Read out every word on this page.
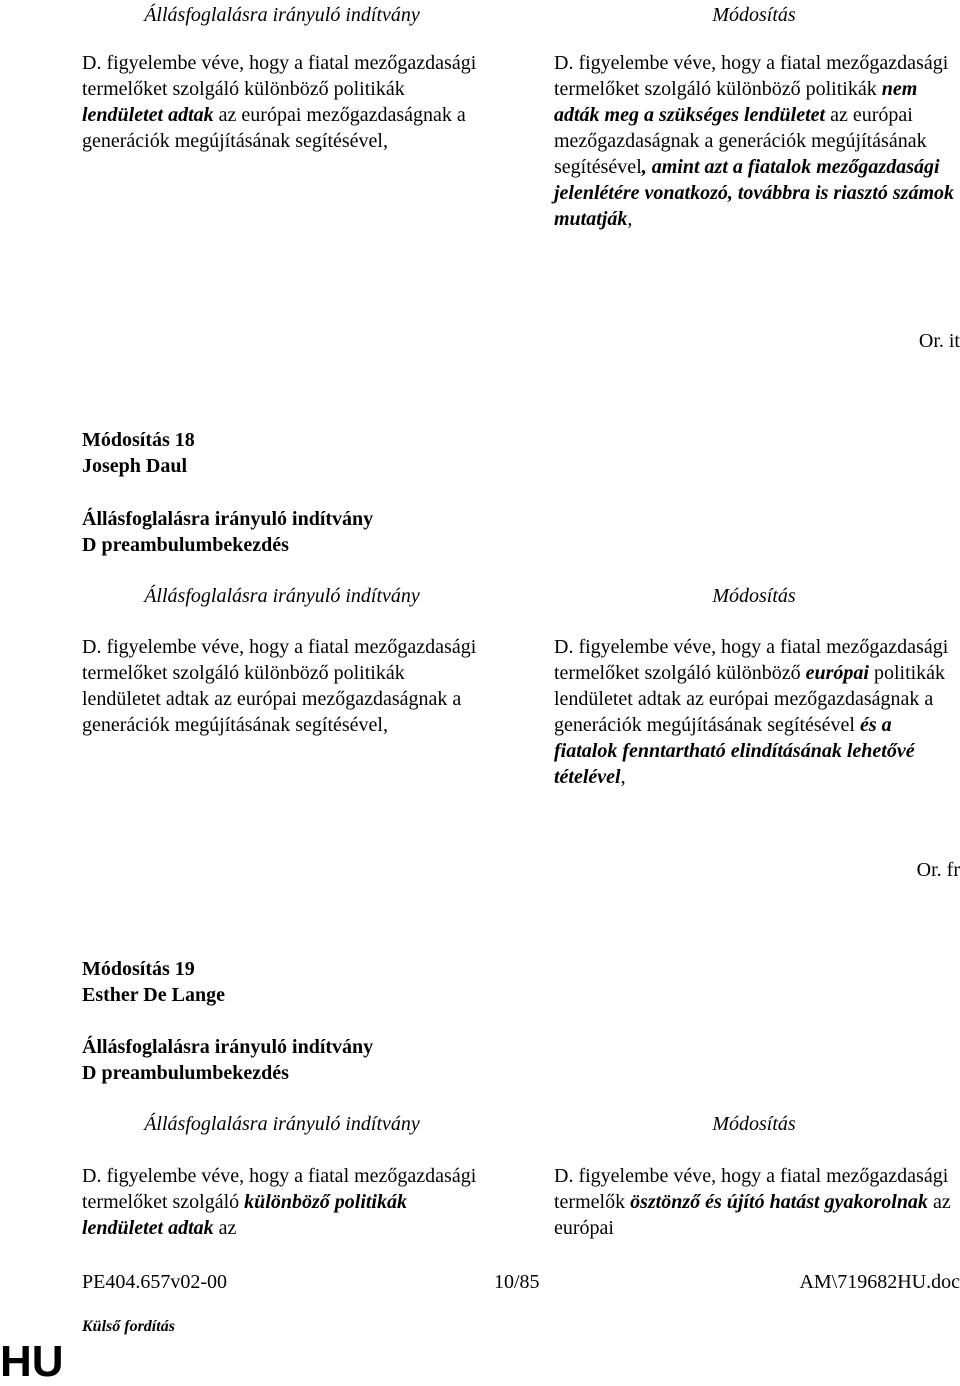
Állásfoglalásra irányuló indítvány	Módosítás
D. figyelembe véve, hogy a fiatal mezőgazdasági termelőket szolgáló különböző politikák lendületet adtak az európai mezőgazdaságnak a generációk megújításának segítésével,
D. figyelembe véve, hogy a fiatal mezőgazdasági termelőket szolgáló különböző politikák nem adták meg a szükséges lendületet az európai mezőgazdaságnak a generációk megújításának segítésével, amint azt a fiatalok mezőgazdasági jelenlétére vonatkozó, továbbra is riasztó számok mutatják,
Or. it
Módosítás 18
Joseph Daul
Állásfoglalásra irányuló indítvány
D preambulumbekezdés
Állásfoglalásra irányuló indítvány	Módosítás
D. figyelembe véve, hogy a fiatal mezőgazdasági termelőket szolgáló különböző politikák lendületet adtak az európai mezőgazdaságnak a generációk megújításának segítésével,
D. figyelembe véve, hogy a fiatal mezőgazdasági termelőket szolgáló különböző európai politikák lendületet adtak az európai mezőgazdaságnak a generációk megújításának segítésével és a fiatalok fenntartható elindításának lehetővé tételével,
Or. fr
Módosítás 19
Esther De Lange
Állásfoglalásra irányuló indítvány
D preambulumbekezdés
Állásfoglalásra irányuló indítvány	Módosítás
D. figyelembe véve, hogy a fiatal mezőgazdasági termelőket szolgáló különböző politikák lendületet adtak az
D. figyelembe véve, hogy a fiatal mezőgazdasági termelők ösztönző és újító hatást gyakorolnak az európai
PE404.657v02-00	10/85	AM\719682HU.doc
Külső fordítás
HU
